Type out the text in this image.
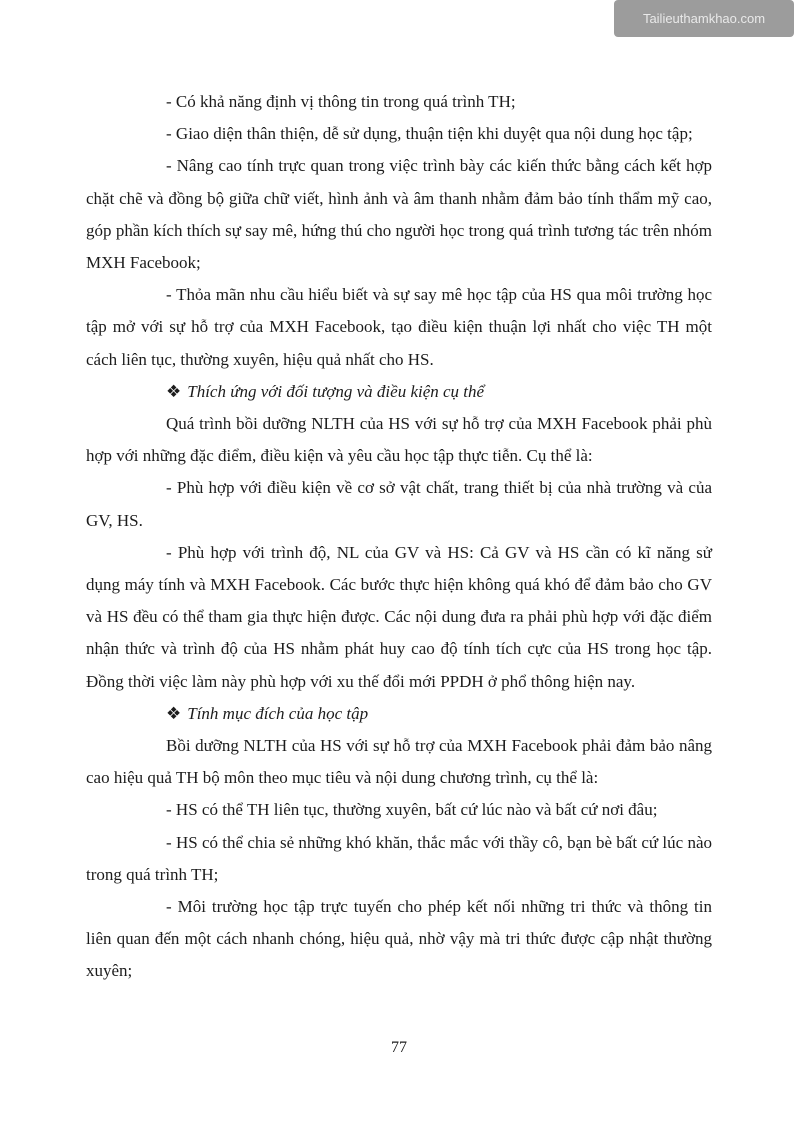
Tailieuthamkhao.com

- Có khả năng định vị thông tin trong quá trình TH;

- Giao diện thân thiện, dễ sử dụng, thuận tiện khi duyệt qua nội dung học tập;

- Nâng cao tính trực quan trong việc trình bày các kiến thức bằng cách kết hợp chặt chẽ và đồng bộ giữa chữ viết, hình ảnh và âm thanh nhằm đảm bảo tính thẩm mỹ cao, góp phần kích thích sự say mê, hứng thú cho người học trong quá trình tương tác trên nhóm MXH Facebook;

- Thỏa mãn nhu cầu hiểu biết và sự say mê học tập của HS qua môi trường học tập mở với sự hỗ trợ của MXH Facebook, tạo điều kiện thuận lợi nhất cho việc TH một cách liên tục, thường xuyên, hiệu quả nhất cho HS.

❖ Thích ứng với đối tượng và điều kiện cụ thể

Quá trình bồi dưỡng NLTH của HS với sự hỗ trợ của MXH Facebook phải phù hợp với những đặc điểm, điều kiện và yêu cầu học tập thực tiễn. Cụ thể là:

- Phù hợp với điều kiện về cơ sở vật chất, trang thiết bị của nhà trường và của GV, HS.

- Phù hợp với trình độ, NL của GV và HS: Cả GV và HS cần có kĩ năng sử dụng máy tính và MXH Facebook. Các bước thực hiện không quá khó để đảm bảo cho GV và HS đều có thể tham gia thực hiện được. Các nội dung đưa ra phải phù hợp với đặc điểm nhận thức và trình độ của HS nhằm phát huy cao độ tính tích cực của HS trong học tập. Đồng thời việc làm này phù hợp với xu thế đổi mới PPDH ở phổ thông hiện nay.

❖ Tính mục đích của học tập

Bồi dưỡng NLTH của HS với sự hỗ trợ của MXH Facebook phải đảm bảo nâng cao hiệu quả TH bộ môn theo mục tiêu và nội dung chương trình, cụ thể là:

- HS có thể TH liên tục, thường xuyên, bất cứ lúc nào và bất cứ nơi đâu;

- HS có thể chia sẻ những khó khăn, thắc mắc với thầy cô, bạn bè bất cứ lúc nào trong quá trình TH;

- Môi trường học tập trực tuyến cho phép kết nối những tri thức và thông tin liên quan đến một cách nhanh chóng, hiệu quả, nhờ vậy mà tri thức được cập nhật thường xuyên;

77
